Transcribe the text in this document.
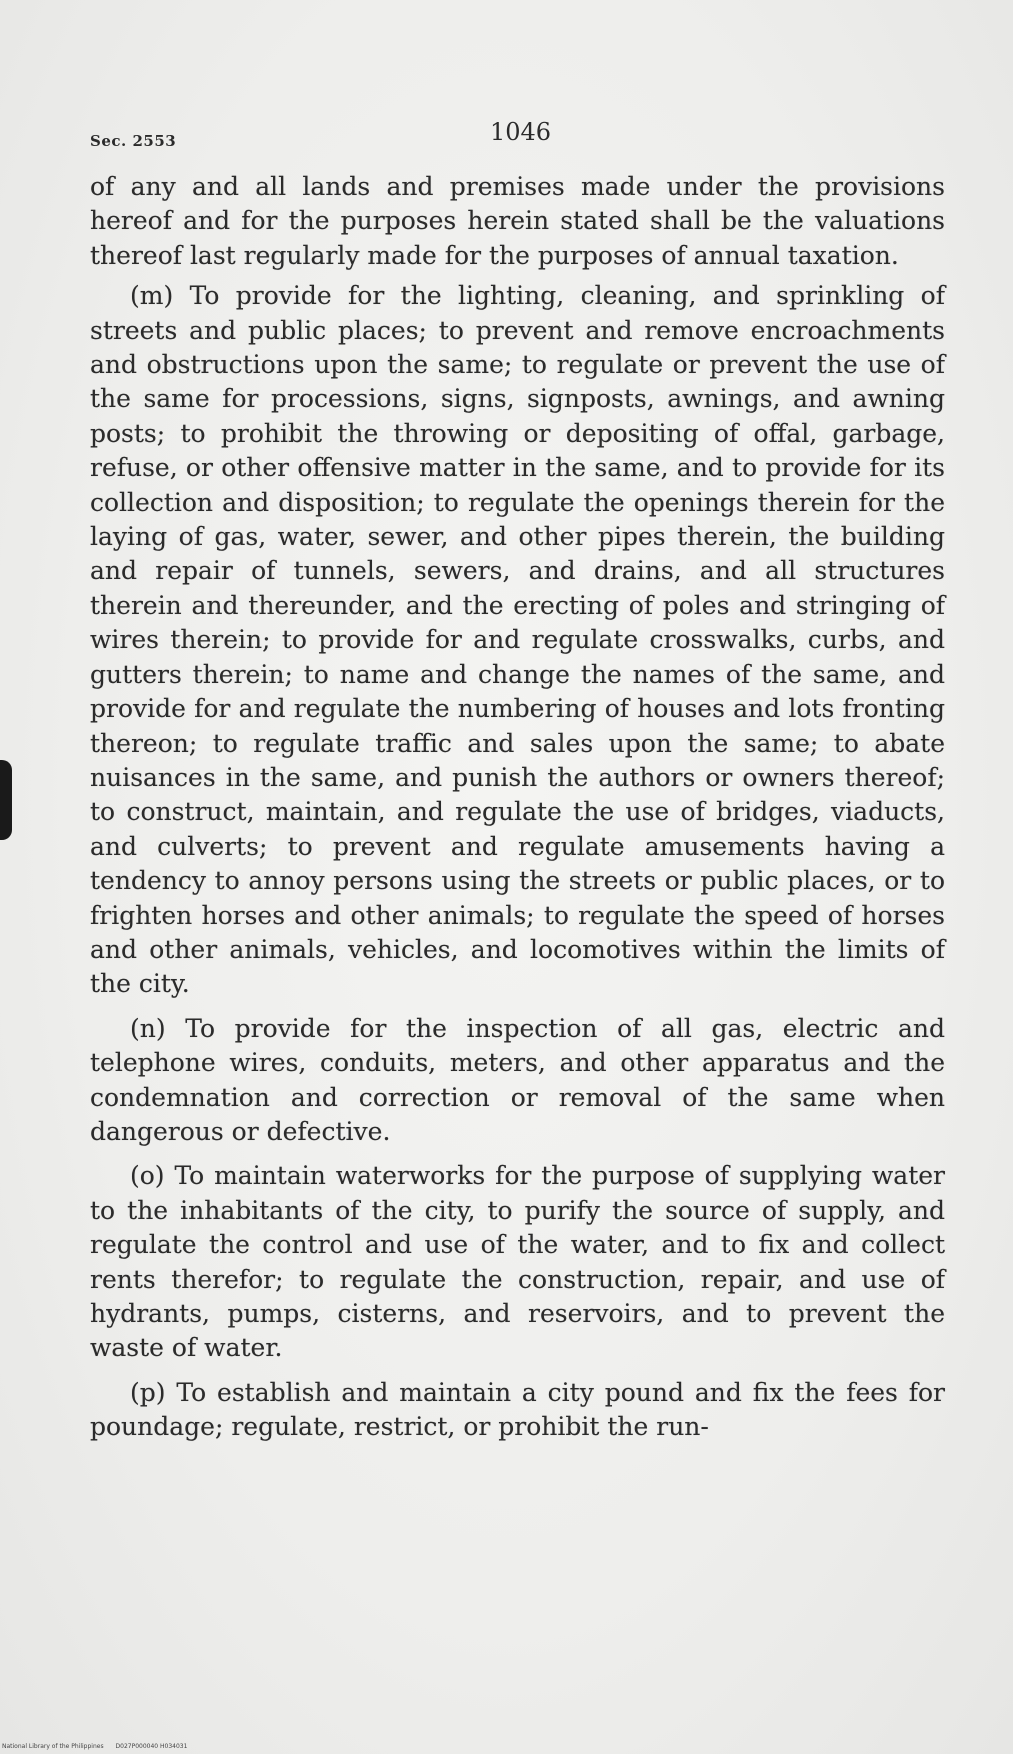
Sec. 2553	1046

of any and all lands and premises made under the provisions hereof and for the purposes herein stated shall be the valuations thereof last regularly made for the purposes of annual taxation.

(m) To provide for the lighting, cleaning, and sprinkling of streets and public places; to prevent and remove encroachments and obstructions upon the same; to regulate or prevent the use of the same for processions, signs, signposts, awnings, and awning posts; to prohibit the throwing or depositing of offal, garbage, refuse, or other offensive matter in the same, and to provide for its collection and disposition; to regulate the openings therein for the laying of gas, water, sewer, and other pipes therein, the building and repair of tunnels, sewers, and drains, and all structures therein and thereunder, and the erecting of poles and stringing of wires therein; to provide for and regulate crosswalks, curbs, and gutters therein; to name and change the names of the same, and provide for and regulate the numbering of houses and lots fronting thereon; to regulate traffic and sales upon the same; to abate nuisances in the same, and punish the authors or owners thereof; to construct, maintain, and regulate the use of bridges, viaducts, and culverts; to prevent and regulate amusements having a tendency to annoy persons using the streets or public places, or to frighten horses and other animals; to regulate the speed of horses and other animals, vehicles, and locomotives within the limits of the city.

(n) To provide for the inspection of all gas, electric and telephone wires, conduits, meters, and other apparatus and the condemnation and correction or removal of the same when dangerous or defective.

(o) To maintain waterworks for the purpose of supplying water to the inhabitants of the city, to purify the source of supply, and regulate the control and use of the water, and to fix and collect rents therefor; to regulate the construction, repair, and use of hydrants, pumps, cisterns, and reservoirs, and to prevent the waste of water.

(p) To establish and maintain a city pound and fix the fees for poundage; regulate, restrict, or prohibit the run-

National Library of the Philippines D027P000040 H034031
